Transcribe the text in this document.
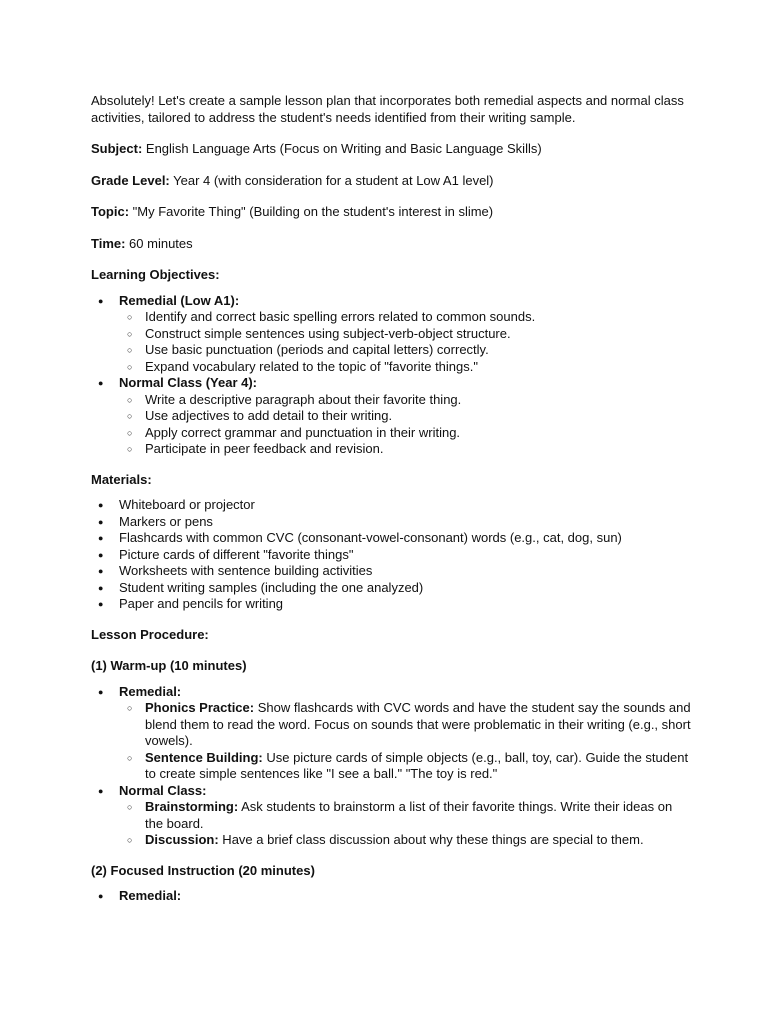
Absolutely! Let's create a sample lesson plan that incorporates both remedial aspects and normal class activities, tailored to address the student's needs identified from their writing sample.

Subject: English Language Arts (Focus on Writing and Basic Language Skills)

Grade Level: Year 4 (with consideration for a student at Low A1 level)

Topic: "My Favorite Thing" (Building on the student's interest in slime)

Time: 60 minutes

Learning Objectives:

● Remedial (Low A1):
○ Identify and correct basic spelling errors related to common sounds.
○ Construct simple sentences using subject-verb-object structure.
○ Use basic punctuation (periods and capital letters) correctly.
○ Expand vocabulary related to the topic of "favorite things."
● Normal Class (Year 4):
○ Write a descriptive paragraph about their favorite thing.
○ Use adjectives to add detail to their writing.
○ Apply correct grammar and punctuation in their writing.
○ Participate in peer feedback and revision.

Materials:

● Whiteboard or projector
● Markers or pens
● Flashcards with common CVC (consonant-vowel-consonant) words (e.g., cat, dog, sun)
● Picture cards of different "favorite things"
● Worksheets with sentence building activities
● Student writing samples (including the one analyzed)
● Paper and pencils for writing

Lesson Procedure:

(1) Warm-up (10 minutes)

● Remedial:
○ Phonics Practice: Show flashcards with CVC words and have the student say the sounds and blend them to read the word. Focus on sounds that were problematic in their writing (e.g., short vowels).
○ Sentence Building: Use picture cards of simple objects (e.g., ball, toy, car). Guide the student to create simple sentences like "I see a ball." "The toy is red."
● Normal Class:
○ Brainstorming: Ask students to brainstorm a list of their favorite things. Write their ideas on the board.
○ Discussion: Have a brief class discussion about why these things are special to them.

(2) Focused Instruction (20 minutes)

● Remedial:
